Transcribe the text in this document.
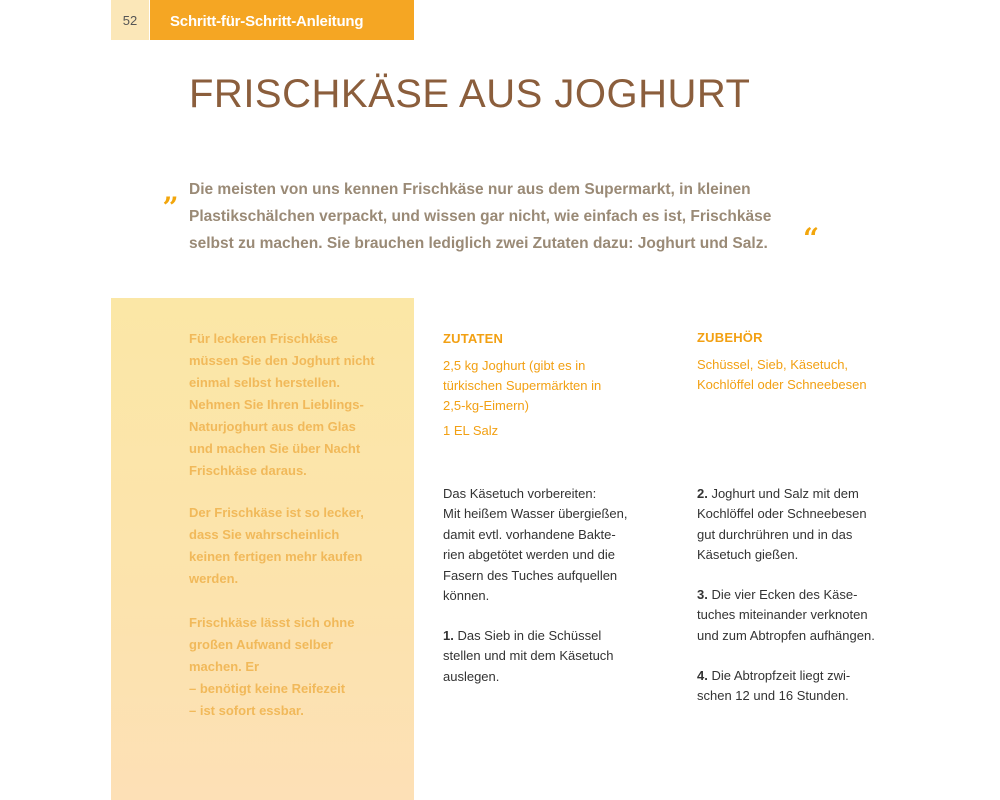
52	Schritt-für-Schritt-Anleitung
FRISCHKÄSE AUS JOGHURT
„ Die meisten von uns kennen Frischkäse nur aus dem Supermarkt, in kleinen
Plastikschälchen verpackt, und wissen gar nicht, wie einfach es ist, Frischkäse
selbst zu machen. Sie brauchen lediglich zwei Zutaten dazu: Joghurt und Salz.	“

Für leckeren Frischkäse
müssen Sie den Joghurt nicht
einmal selbst herstellen.
Nehmen Sie Ihren Lieblings-
Naturjoghurt aus dem Glas
und machen Sie über Nacht
Frischkäse daraus.

Der Frischkäse ist so lecker,
dass Sie wahrscheinlich
keinen fertigen mehr kaufen
werden.

Frischkäse lässt sich ohne
großen Aufwand selber
machen. Er
– benötigt keine Reifezeit
– ist sofort essbar.

ZUTATEN

2,5 kg Joghurt (gibt es in
türkischen Supermärkten in
2,5-kg-Eimern)

1 EL Salz

ZUBEHÖR

Schüssel, Sieb, Käsetuch,
Kochlöffel oder Schneebesen

Das Käsetuch vorbereiten:
Mit heißem Wasser übergießen,
damit evtl. vorhandene Bakte-
rien abgetötet werden und die
Fasern des Tuches aufquellen
können.

1. Das Sieb in die Schüssel
stellen und mit dem Käsetuch
auslegen.

2. Joghurt und Salz mit dem
Kochlöffel oder Schneebesen
gut durchrühren und in das
Käsetuch gießen.

3. Die vier Ecken des Käse-
tuches miteinander verknoten
und zum Abtropfen aufhängen.

4. Die Abtropfzeit liegt zwi-
schen 12 und 16 Stunden.
